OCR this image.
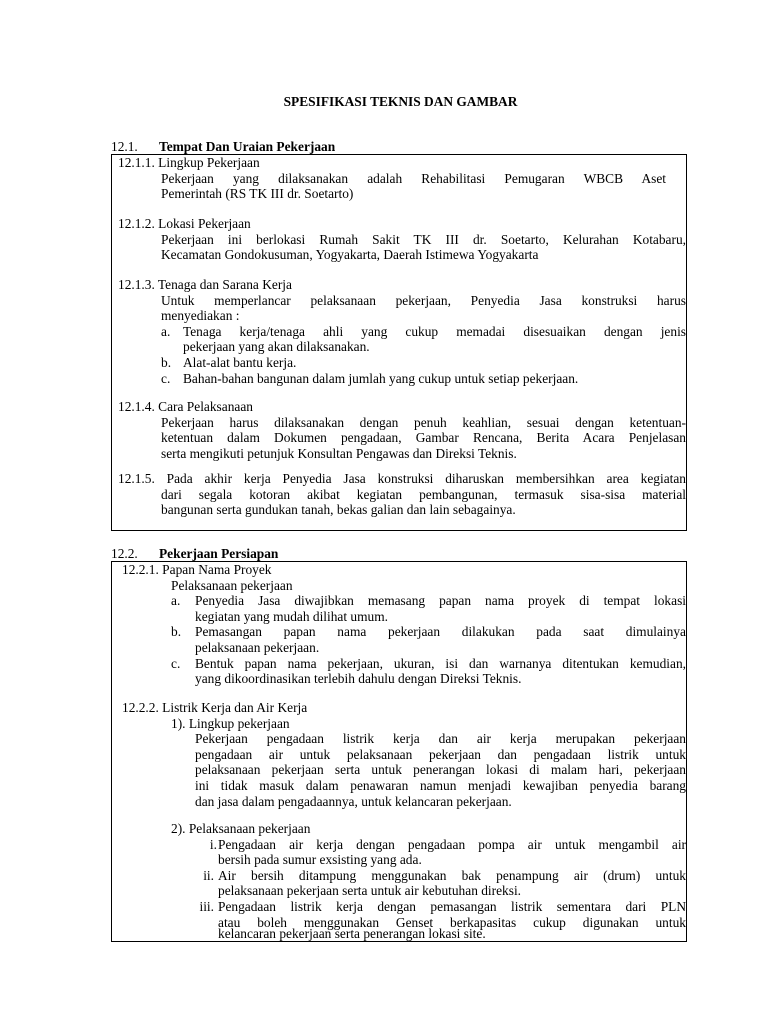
SPESIFIKASI TEKNIS DAN GAMBAR
12.1. Tempat Dan Uraian Pekerjaan
12.1.1. Lingkup Pekerjaan
Pekerjaan yang dilaksanakan adalah Rehabilitasi Pemugaran WBCB Aset
Pemerintah (RS TK III dr. Soetarto)
12.1.2. Lokasi Pekerjaan
Pekerjaan ini berlokasi Rumah Sakit TK III dr. Soetarto, Kelurahan Kotabaru,
Kecamatan Gondokusuman, Yogyakarta, Daerah Istimewa Yogyakarta
12.1.3. Tenaga dan Sarana Kerja
Untuk memperlancar pelaksanaan pekerjaan, Penyedia Jasa konstruksi harus
menyediakan :
a. Tenaga kerja/tenaga ahli yang cukup memadai disesuaikan dengan jenis
pekerjaan yang akan dilaksanakan.
b. Alat-alat bantu kerja.
c. Bahan-bahan bangunan dalam jumlah yang cukup untuk setiap pekerjaan.
12.1.4. Cara Pelaksanaan
Pekerjaan harus dilaksanakan dengan penuh keahlian, sesuai dengan ketentuan-
ketentuan dalam Dokumen pengadaan, Gambar Rencana, Berita Acara Penjelasan
serta mengikuti petunjuk Konsultan Pengawas dan Direksi Teknis.
12.1.5. Pada akhir kerja Penyedia Jasa konstruksi diharuskan membersihkan area kegiatan
dari segala kotoran akibat kegiatan pembangunan, termasuk sisa-sisa material
bangunan serta gundukan tanah, bekas galian dan lain sebagainya.
12.2. Pekerjaan Persiapan
12.2.1. Papan Nama Proyek
Pelaksanaan pekerjaan
a. Penyedia Jasa diwajibkan memasang papan nama proyek di tempat lokasi
kegiatan yang mudah dilihat umum.
b. Pemasangan papan nama pekerjaan dilakukan pada saat dimulainya
pelaksanaan pekerjaan.
c. Bentuk papan nama pekerjaan, ukuran, isi dan warnanya ditentukan kemudian,
yang dikoordinasikan terlebih dahulu dengan Direksi Teknis.
12.2.2. Listrik Kerja dan Air Kerja
1). Lingkup pekerjaan
Pekerjaan pengadaan listrik kerja dan air kerja merupakan pekerjaan
pengadaan air untuk pelaksanaan pekerjaan dan pengadaan listrik untuk
pelaksanaan pekerjaan serta untuk penerangan lokasi di malam hari, pekerjaan
ini tidak masuk dalam penawaran namun menjadi kewajiban penyedia barang
dan jasa dalam pengadaannya, untuk kelancaran pekerjaan.
2). Pelaksanaan pekerjaan
i. Pengadaan air kerja dengan pengadaan pompa air untuk mengambil air
bersih pada sumur exsisting yang ada.
ii. Air bersih ditampung menggunakan bak penampung air (drum) untuk
pelaksanaan pekerjaan serta untuk air kebutuhan direksi.
iii. Pengadaan listrik kerja dengan pemasangan listrik sementara dari PLN
atau boleh menggunakan Genset berkapasitas cukup digunakan untuk
kelancaran pekerjaan serta penerangan lokasi site.
